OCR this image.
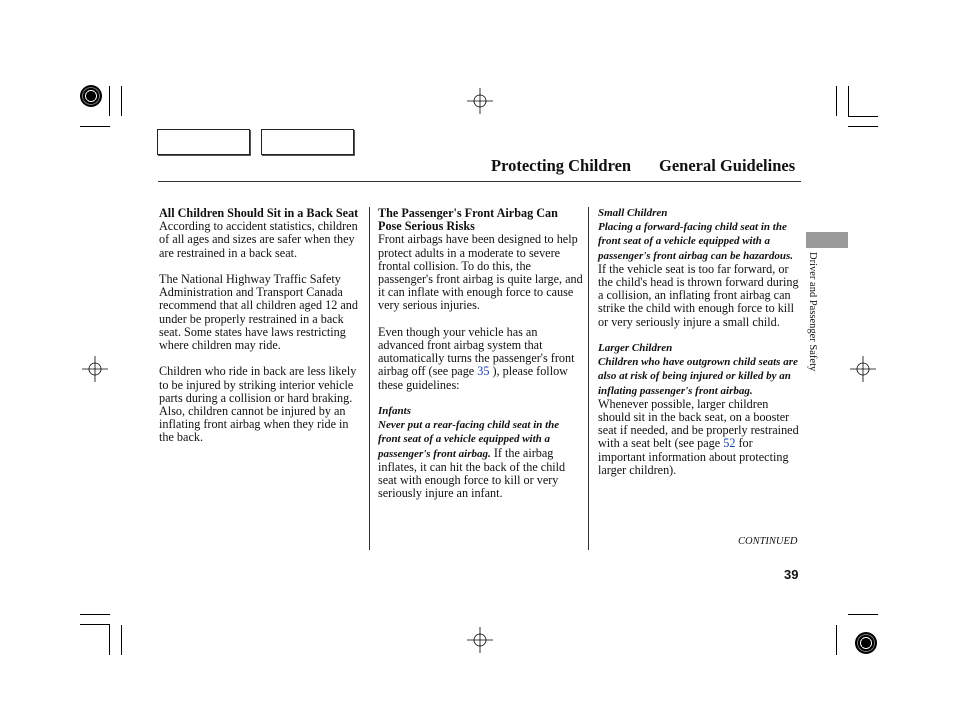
Protecting Children General Guidelines
Driver and Passenger Safety
All Children Should Sit in a Back Seat

According to accident statistics, children of all ages and sizes are safer when they are restrained in a back seat.

The National Highway Traffic Safety Administration and Transport Canada recommend that all children aged 12 and under be properly restrained in a back seat. Some states have laws restricting where children may ride.

Children who ride in back are less likely to be injured by striking interior vehicle parts during a collision or hard braking. Also, children cannot be injured by an inflating front airbag when they ride in the back.

The Passenger's Front Airbag Can Pose Serious Risks

Front airbags have been designed to help protect adults in a moderate to severe frontal collision. To do this, the passenger's front airbag is quite large, and it can inflate with enough force to cause very serious injuries.

Even though your vehicle has an advanced front airbag system that automatically turns the passenger's front airbag off (see page 35 ), please follow these guidelines:

Infants

Never put a rear-facing child seat in the front seat of a vehicle equipped with a passenger's front airbag. If the airbag inflates, it can hit the back of the child seat with enough force to kill or very seriously injure an infant.

Small Children

Placing a forward-facing child seat in the front seat of a vehicle equipped with a passenger's front airbag can be hazardous. If the vehicle seat is too far forward, or the child's head is thrown forward during a collision, an inflating front airbag can strike the child with enough force to kill or very seriously injure a small child.

Larger Children

Children who have outgrown child seats are also at risk of being injured or killed by an inflating passenger's front airbag. Whenever possible, larger children should sit in the back seat, on a booster seat if needed, and be properly restrained with a seat belt (see page 52 for important information about protecting larger children).

CONTINUED
39
